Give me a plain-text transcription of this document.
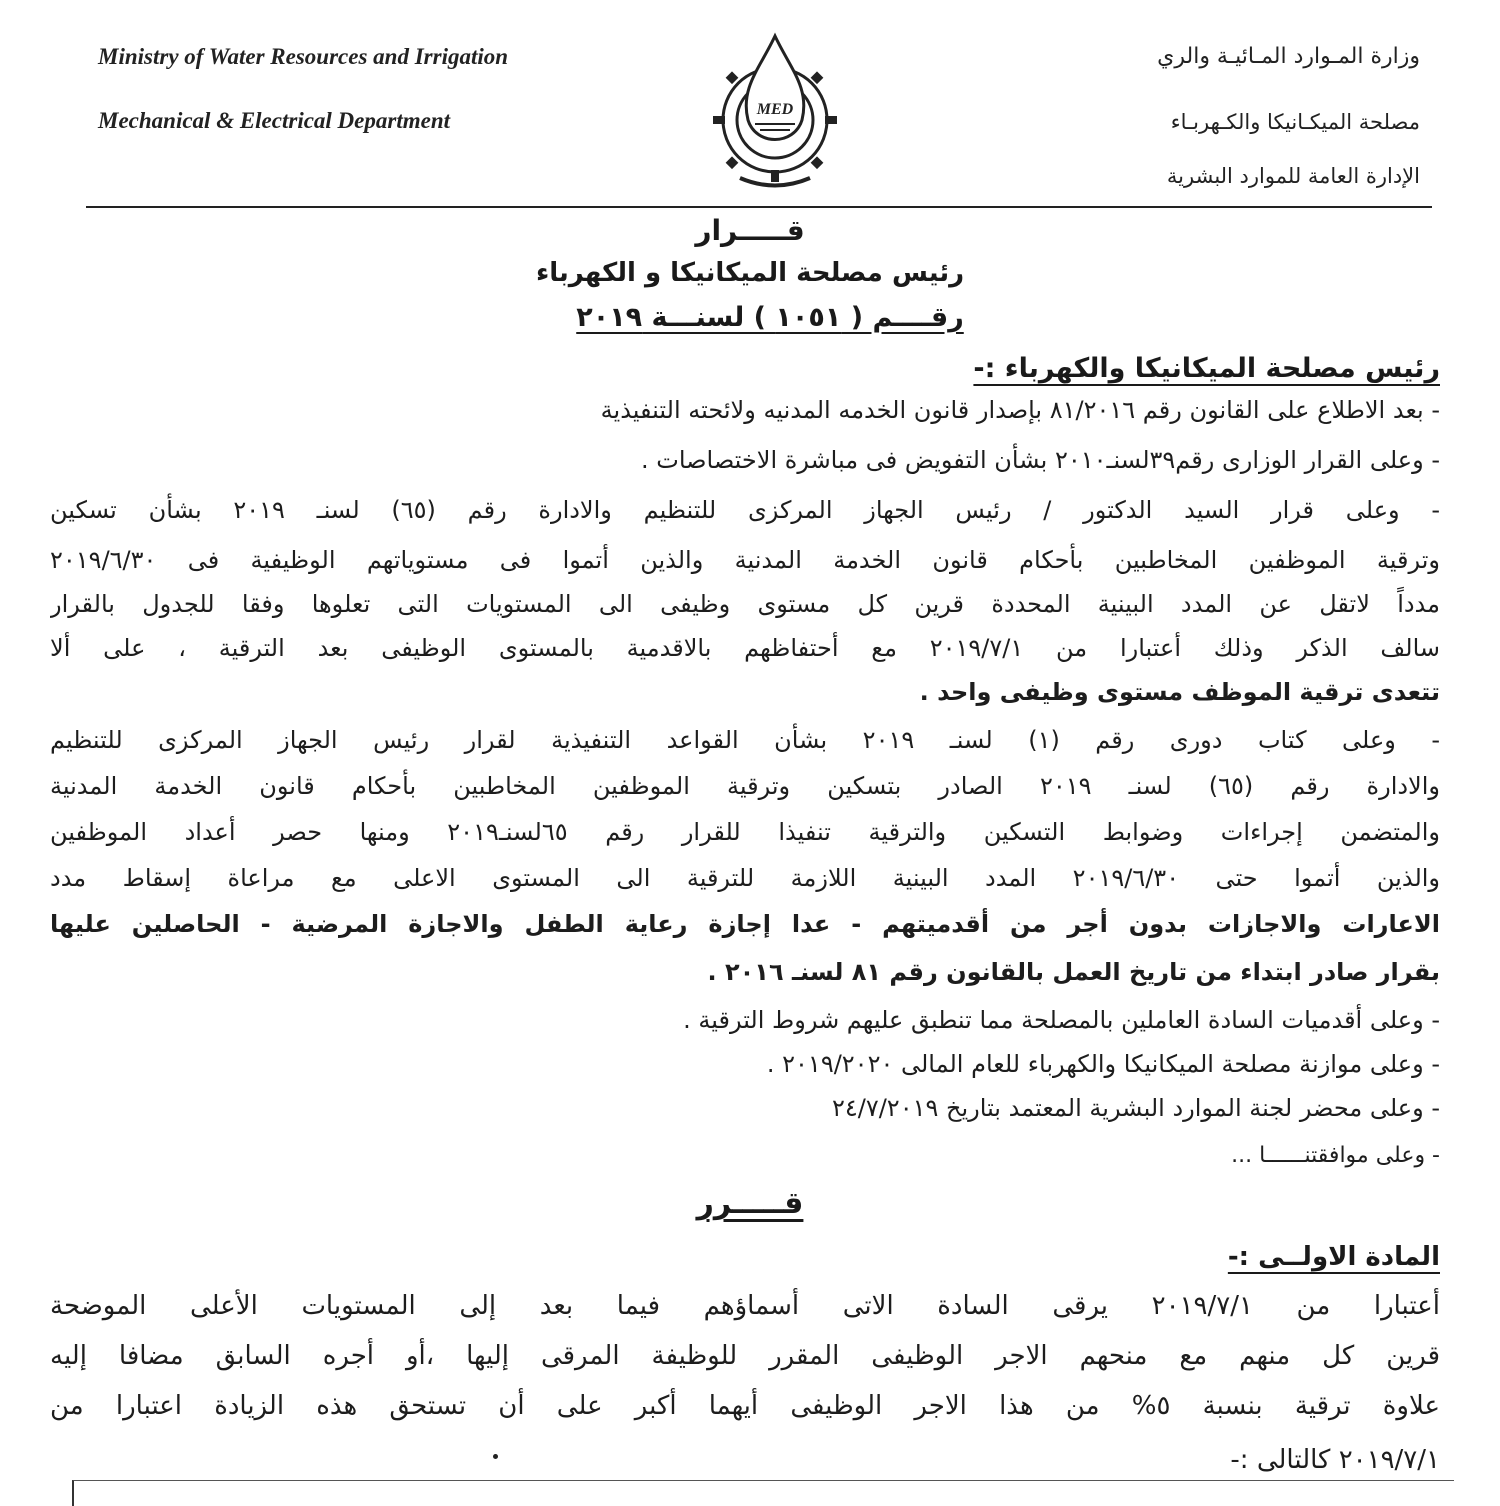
Ministry of Water Resources and Irrigation
Mechanical & Electrical Department	MED
وزارة المـوارد المـائيـة والري
مصلحة الميكـانيكا والكـهربـاء
الإدارة العامة للموارد البشرية
قـــــرار
رئيس مصلحة الميكانيكا و الكهرباء
رقــــم ( ١٠٥١ ) لسنـــة ٢٠١٩
رئيس مصلحة الميكانيكا والكهرباء :-
- بعد الاطلاع على القانون رقم ٨١/٢٠١٦ بإصدار قانون الخدمه المدنيه ولائحته التنفيذية
- وعلى القرار الوزارى رقم٣٩لسنـ٢٠١٠ بشأن التفويض فى مباشرة الاختصاصات .
- وعلى قرار السيد الدكتور / رئيس الجهاز المركزى للتنظيم والادارة رقم (٦٥) لسنـ ٢٠١٩ بشأن تسكين
وترقية الموظفين المخاطبين بأحكام قانون الخدمة المدنية والذين أتموا فى مستوياتهم الوظيفية فى ٢٠١٩/٦/٣٠
مدداً لاتقل عن المدد البينية المحددة قرين كل مستوى وظيفى الى المستويات التى تعلوها وفقا للجدول بالقرار
سالف الذكر وذلك أعتبارا من ٢٠١٩/٧/١ مع أحتفاظهم بالاقدمية بالمستوى الوظيفى بعد الترقية ، على ألا
تتعدى ترقية الموظف مستوى وظيفى واحد .
- وعلى كتاب دورى رقم (١) لسنـ ٢٠١٩ بشأن القواعد التنفيذية لقرار رئيس الجهاز المركزى للتنظيم
والادارة رقم (٦٥) لسنـ ٢٠١٩ الصادر بتسكين وترقية الموظفين المخاطبين بأحكام قانون الخدمة المدنية
والمتضمن إجراءات وضوابط التسكين والترقية تنفيذا للقرار رقم ٦٥لسنـ٢٠١٩ ومنها حصر أعداد الموظفين
والذين أتموا حتى ٢٠١٩/٦/٣٠ المدد البينية اللازمة للترقية الى المستوى الاعلى مع مراعاة إسقاط مدد
الاعارات والاجازات بدون أجر من أقدميتهم - عدا إجازة رعاية الطفل والاجازة المرضية - الحاصلين عليها
بقرار صادر ابتداء من تاريخ العمل بالقانون رقم ٨١ لسنـ ٢٠١٦ .
- وعلى أقدميات السادة العاملين بالمصلحة مما تنطبق عليهم شروط الترقية .
- وعلى موازنة مصلحة الميكانيكا والكهرباء للعام المالى ٢٠١٩/٢٠٢٠ .
- وعلى محضر لجنة الموارد البشرية المعتمد بتاريخ ٢٤/٧/٢٠١٩
- وعلى موافقتنــــــا ...
قـــــرر
المادة الاولــى :-
أعتبارا من ٢٠١٩/٧/١ يرقى السادة الاتى أسماؤهم فيما بعد إلى المستويات الأعلى الموضحة
قرين كل منهم مع منحهم الاجر الوظيفى المقرر للوظيفة المرقى إليها ،أو أجره السابق مضافا إليه
علاوة ترقية بنسبة ٥% من هذا الاجر الوظيفى أيهما أكبر على أن تستحق هذه الزيادة اعتبارا من
٢٠١٩/٧/١ كالتالى :-
